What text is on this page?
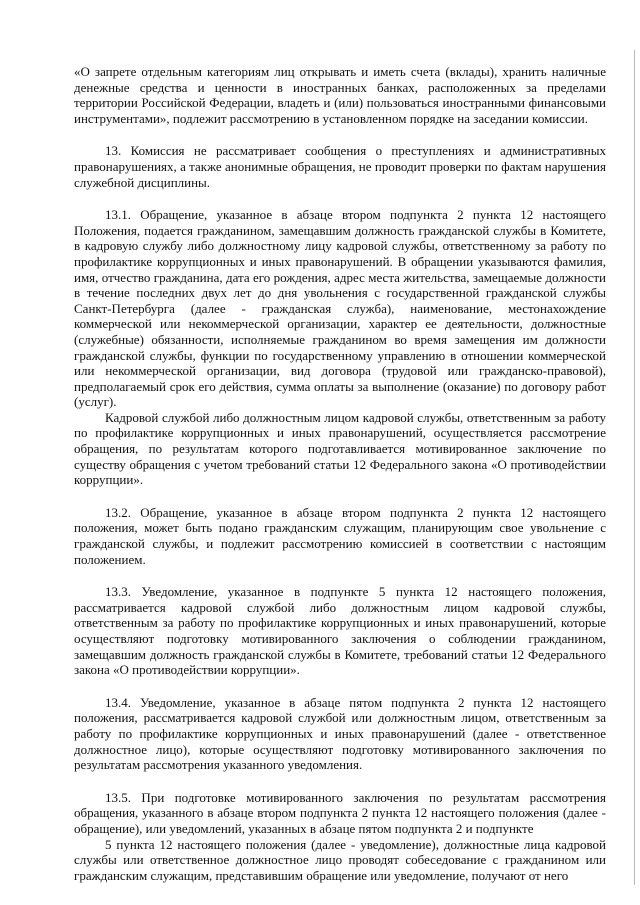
«О запрете отдельным категориям лиц открывать и иметь счета (вклады), хранить наличные денежные средства и ценности в иностранных банках, расположенных за пределами территории Российской Федерации, владеть и (или) пользоваться иностранными финансовыми инструментами», подлежит рассмотрению в установленном порядке на заседании комиссии.

13. Комиссия не рассматривает сообщения о преступлениях и административных правонарушениях, а также анонимные обращения, не проводит проверки по фактам нарушения служебной дисциплины.

13.1. Обращение, указанное в абзаце втором подпункта 2 пункта 12 настоящего Положения, подается гражданином, замещавшим должность гражданской службы в Комитете, в кадровую службу либо должностному лицу кадровой службы, ответственному за работу по профилактике коррупционных и иных правонарушений. В обращении указываются фамилия, имя, отчество гражданина, дата его рождения, адрес места жительства, замещаемые должности в течение последних двух лет до дня увольнения с государственной гражданской службы Санкт-Петербурга (далее - гражданская служба), наименование, местонахождение коммерческой или некоммерческой организации, характер ее деятельности, должностные (служебные) обязанности, исполняемые гражданином во время замещения им должности гражданской службы, функции по государственному управлению в отношении коммерческой или некоммерческой организации, вид договора (трудовой или гражданско-правовой), предполагаемый срок его действия, сумма оплаты за выполнение (оказание) по договору работ (услуг).

Кадровой службой либо должностным лицом кадровой службы, ответственным за работу по профилактике коррупционных и иных правонарушений, осуществляется рассмотрение обращения, по результатам которого подготавливается мотивированное заключение по существу обращения с учетом требований статьи 12 Федерального закона «О противодействии коррупции».

13.2. Обращение, указанное в абзаце втором подпункта 2 пункта 12 настоящего положения, может быть подано гражданским служащим, планирующим свое увольнение с гражданской службы, и подлежит рассмотрению комиссией в соответствии с настоящим положением.

13.3. Уведомление, указанное в подпункте 5 пункта 12 настоящего положения, рассматривается кадровой службой либо должностным лицом кадровой службы, ответственным за работу по профилактике коррупционных и иных правонарушений, которые осуществляют подготовку мотивированного заключения о соблюдении гражданином, замещавшим должность гражданской службы в Комитете, требований статьи 12 Федерального закона «О противодействии коррупции».

13.4. Уведомление, указанное в абзаце пятом подпункта 2 пункта 12 настоящего положения, рассматривается кадровой службой или должностным лицом, ответственным за работу по профилактике коррупционных и иных правонарушений (далее - ответственное должностное лицо), которые осуществляют подготовку мотивированного заключения по результатам рассмотрения указанного уведомления.

13.5. При подготовке мотивированного заключения по результатам рассмотрения обращения, указанного в абзаце втором подпункта 2 пункта 12 настоящего положения (далее - обращение), или уведомлений, указанных в абзаце пятом подпункта 2 и подпункте

5 пункта 12 настоящего положения (далее - уведомление), должностные лица кадровой службы или ответственное должностное лицо проводят собеседование с гражданином или гражданским служащим, представившим обращение или уведомление, получают от него
